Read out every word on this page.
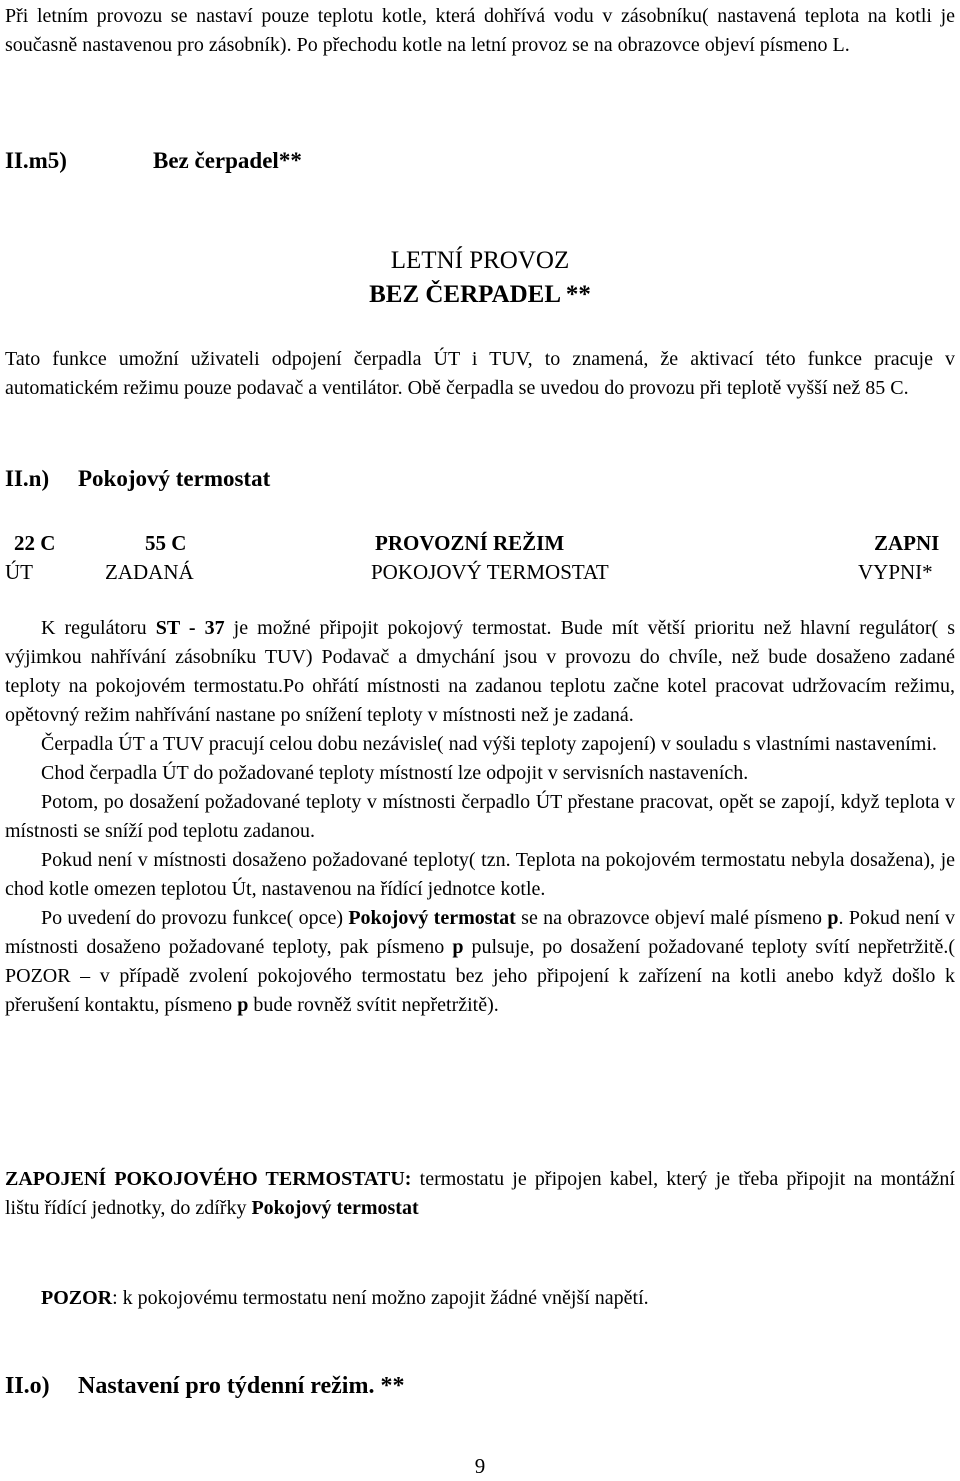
Při letním provozu se nastaví pouze teplotu kotle, která dohřívá vodu v zásobníku( nastavená teplota na kotli je současně nastavenou pro zásobník). Po přechodu kotle na letní provoz se na obrazovce objeví písmeno L.

II.m5)	Bez čerpadel**
LETNÍ PROVOZ
BEZ ČERPADEL **

Tato funkce umožní uživateli odpojení čerpadla ÚT i TUV, to znamená, že aktivací této funkce pracuje v automatickém režimu pouze podavač a ventilátor. Obě čerpadla se uvedou do provozu při teplotě vyšší než 85 C.

II.n) Pokojový termostat
22 C	55 C	PROVOZNÍ REŽIM	ZAPNI
ÚT	ZADANÁ	POKOJOVÝ TERMOSTAT	VYPNI*

K regulátoru ST - 37 je možné připojit pokojový termostat. Bude mít větší prioritu než hlavní regulátor( s výjimkou nahřívání zásobníku TUV) Podavač a dmychání jsou v provozu do chvíle, než bude dosaženo zadané teploty na pokojovém termostatu.Po ohřátí místnosti na zadanou teplotu začne kotel pracovat udržovacím režimu, opětovný režim nahřívání nastane po snížení teploty v místnosti než je zadaná.

Čerpadla ÚT a TUV pracují celou dobu nezávisle( nad výši teploty zapojení) v souladu s vlastními nastaveními.

Chod čerpadla ÚT do požadované teploty místností lze odpojit v servisních nastaveních.

Potom, po dosažení požadované teploty v místnosti čerpadlo ÚT přestane pracovat, opět se zapojí, když teplota v místnosti se sníží pod teplotu zadanou.

Pokud není v místnosti dosaženo požadované teploty( tzn. Teplota na pokojovém termostatu nebyla dosažena), je chod kotle omezen teplotou Út, nastavenou na řídící jednotce kotle.

Po uvedení do provozu funkce( opce) Pokojový termostat se na obrazovce objeví malé písmeno p. Pokud není v místnosti dosaženo požadované teploty, pak písmeno p pulsuje, po dosažení požadované teploty svítí nepřetržitě.( POZOR – v případě zvolení pokojového termostatu bez jeho připojení k zařízení na kotli anebo když došlo k přerušení kontaktu, písmeno p bude rovněž svítit nepřetržitě).

ZAPOJENÍ POKOJOVÉHO TERMOSTATU: termostatu je připojen kabel, který je třeba připojit na montážní lištu řídící jednotky, do zdířky Pokojový termostat

POZOR: k pokojovému termostatu není možno zapojit žádné vnější napětí.

II.o) Nastavení pro týdenní režim. **
9
